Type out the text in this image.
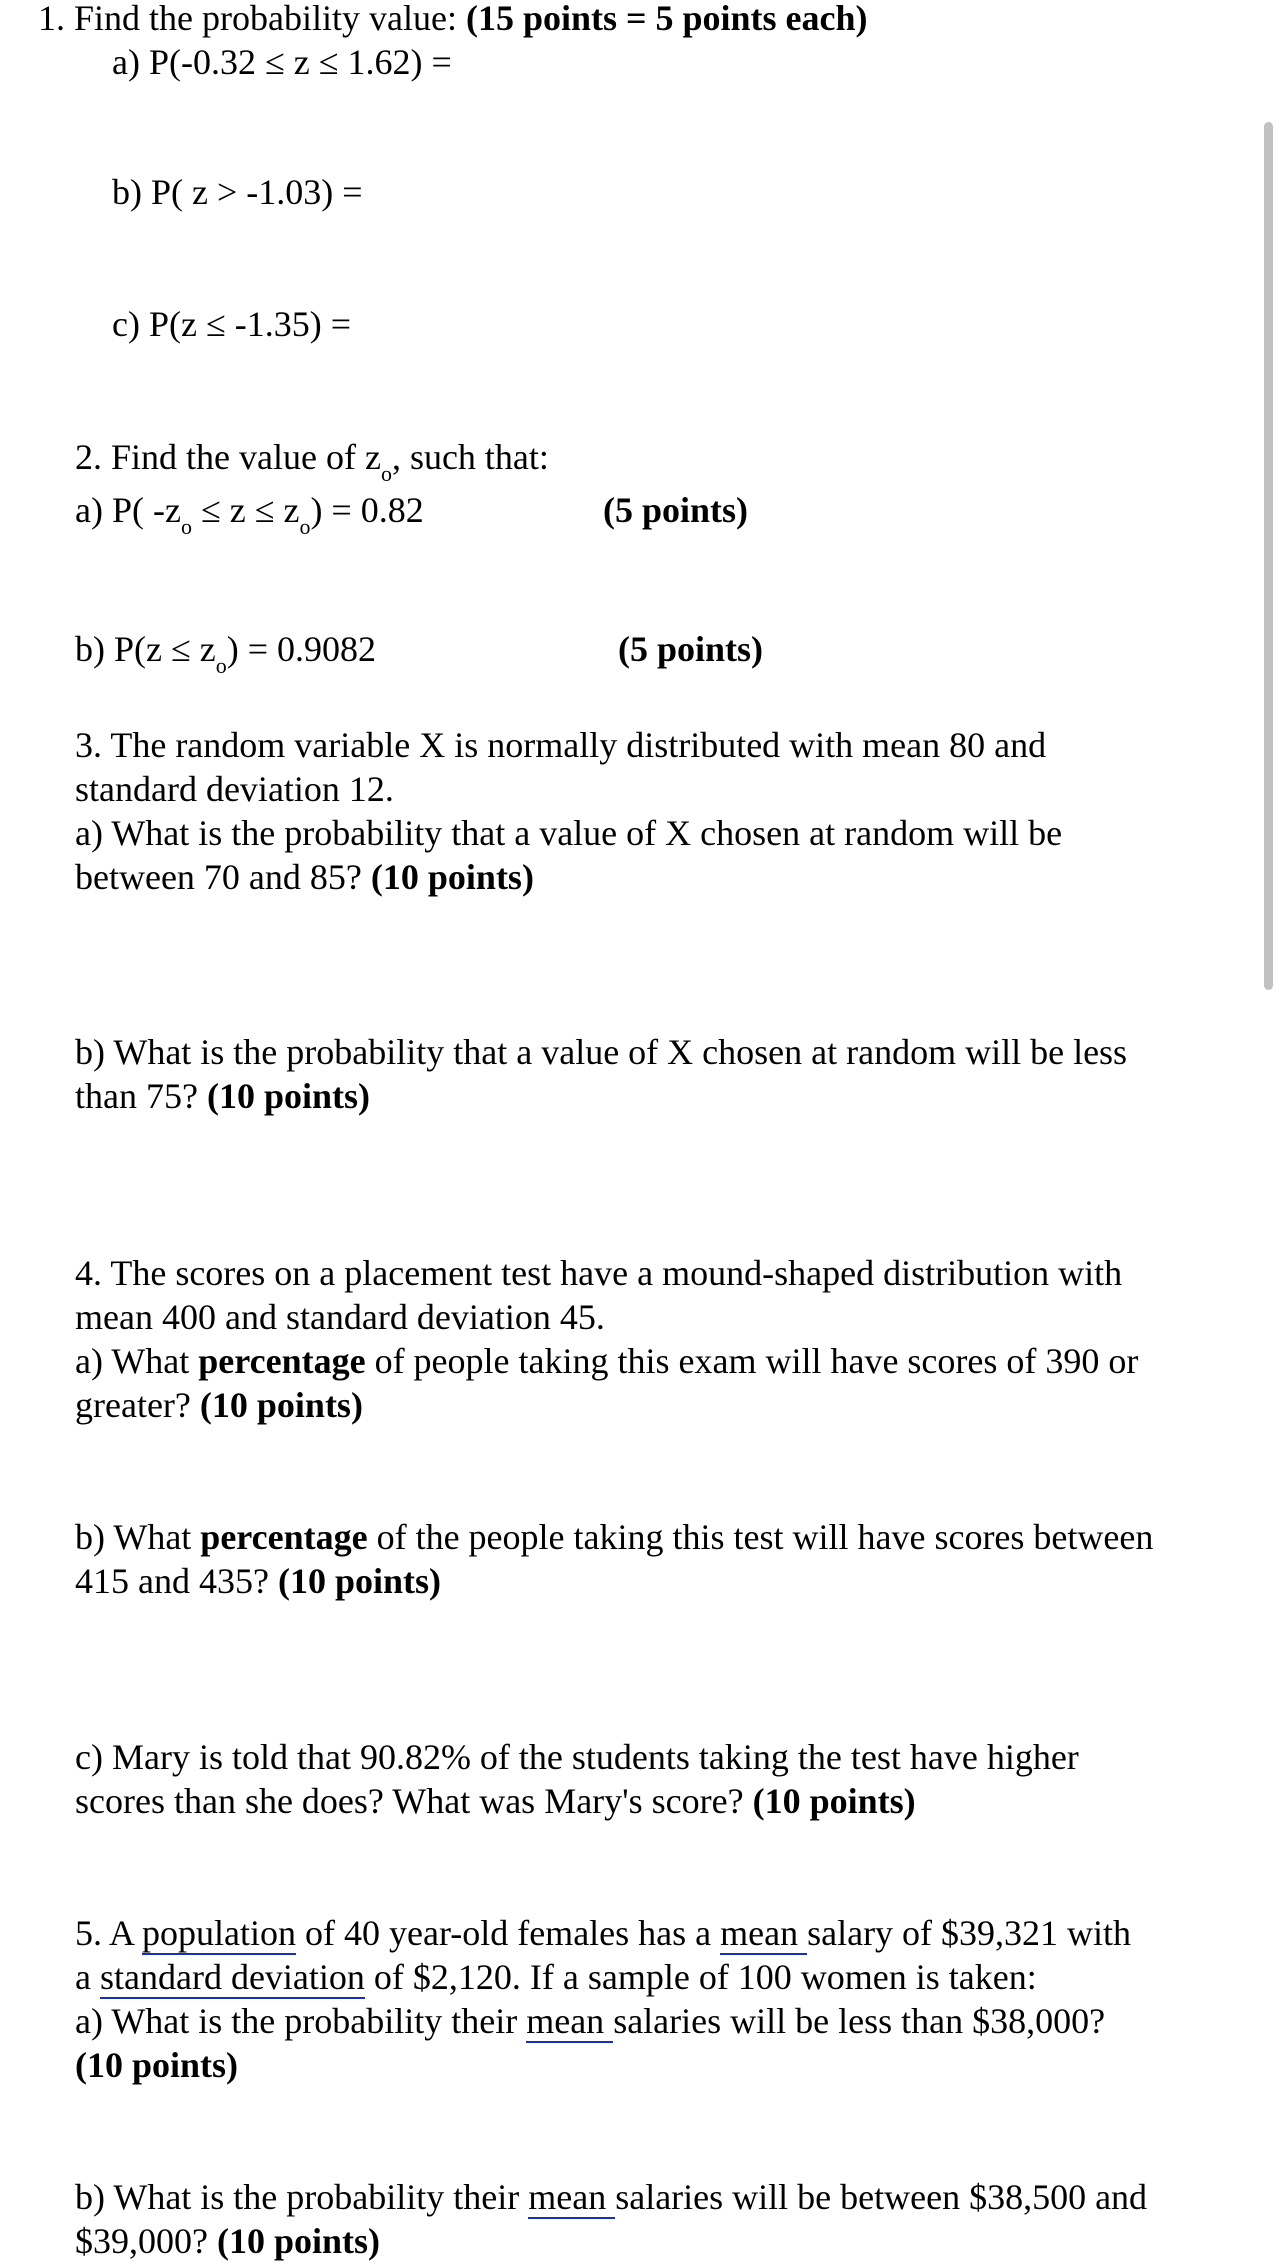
1. Find the probability value: (15 points = 5 points each)
a) P(-0.32 ≤ z ≤ 1.62) =
b) P( z > -1.03) =
c) P(z ≤ -1.35) =
2. Find the value of $z_o$, such that:
a) P( $-z_o \le z \le z_o) = 0.82$	(5 points)
b) $P(z \le z_o) = 0.9082$	(5 points)
3. The random variable X is normally distributed with mean 80 and
standard deviation 12.
a) What is the probability that a value of X chosen at random will be
between 70 and 85? (10 points)
b) What is the probability that a value of X chosen at random will be less
than 75? (10 points)
4. The scores on a placement test have a mound-shaped distribution with
mean 400 and standard deviation 45.
a) What percentage of people taking this exam will have scores of 390 or
greater? (10 points)
b) What percentage of the people taking this test will have scores between
415 and 435? (10 points)
c) Mary is told that 90.82% of the students taking the test have higher
scores than she does? What was Mary's score? (10 points)
5. A population of 40 year-old females has a mean salary of $39,321 with
a standard deviation of $2,120. If a sample of 100 women is taken:
a) What is the probability their mean salaries will be less than $38,000?
(10 points)
b) What is the probability their mean salaries will be between $38,500 and
$39,000? (10 points)
